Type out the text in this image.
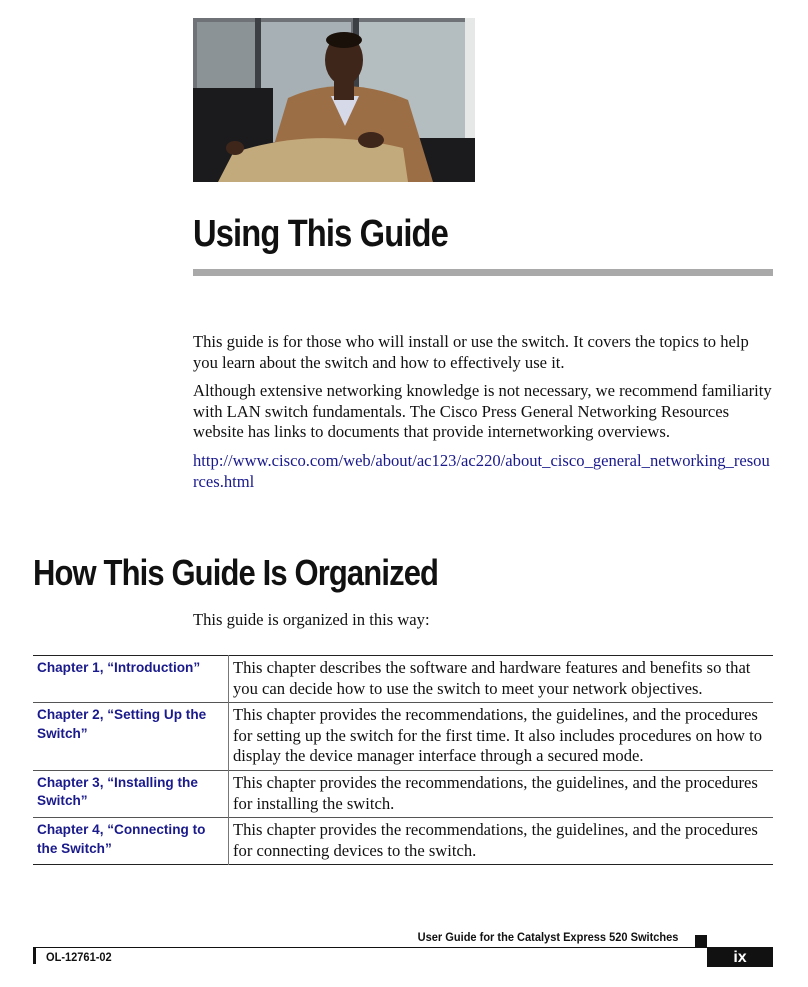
Using This Guide

This guide is for those who will install or use the switch. It covers the topics to help you learn about the switch and how to effectively use it.

Although extensive networking knowledge is not necessary, we recommend familiarity with LAN switch fundamentals. The Cisco Press General Networking Resources website has links to documents that provide internetworking overviews.

http://www.cisco.com/web/about/ac123/ac220/about_cisco_general_networking_resources.html

How This Guide Is Organized

This guide is organized in this way:

Chapter 1, “Introduction”	This chapter describes the software and hardware features and benefits so that you can decide how to use the switch to meet your network objectives.
Chapter 2, “Setting Up the Switch”	This chapter provides the recommendations, the guidelines, and the procedures for setting up the switch for the first time. It also includes procedures on how to display the device manager interface through a secured mode.
Chapter 3, “Installing the Switch”	This chapter provides the recommendations, the guidelines, and the procedures for installing the switch.
Chapter 4, “Connecting to the Switch”	This chapter provides the recommendations, the guidelines, and the procedures for connecting devices to the switch.
User Guide for the Catalyst Express 520 Switches
OL-12761-02	ix
